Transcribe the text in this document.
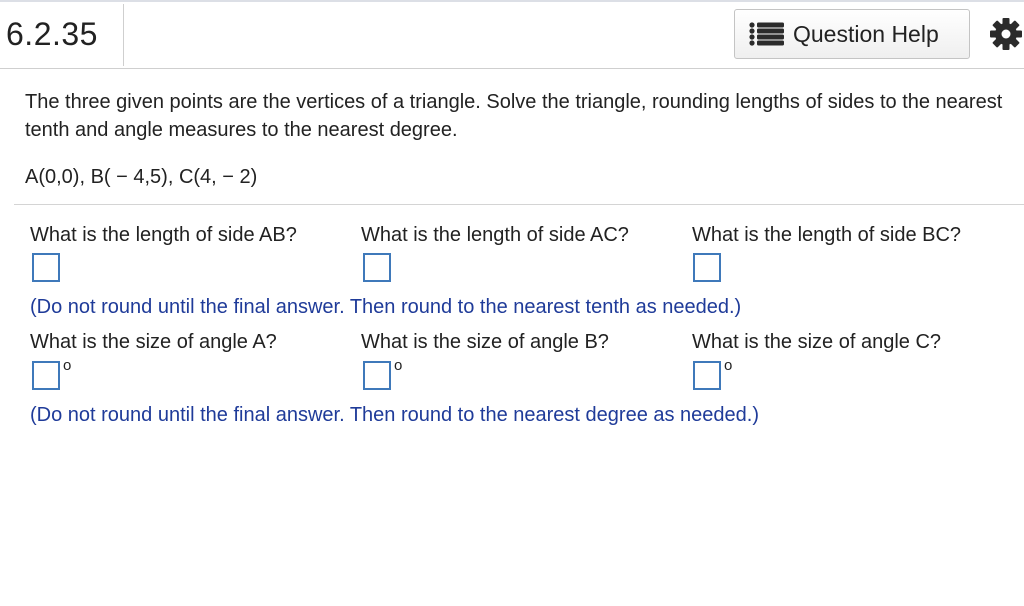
6.2.35	Question Help
The three given points are the vertices of a triangle. Solve the triangle, rounding lengths of sides to the nearest tenth and angle measures to the nearest degree.
A(0,0), B( − 4,5), C(4, − 2)
What is the length of side AB?	What is the length of side AC?	What is the length of side BC?
(Do not round until the final answer. Then round to the nearest tenth as needed.)
What is the size of angle A?	What is the size of angle B?	What is the size of angle C?
o	o	o
(Do not round until the final answer. Then round to the nearest degree as needed.)
